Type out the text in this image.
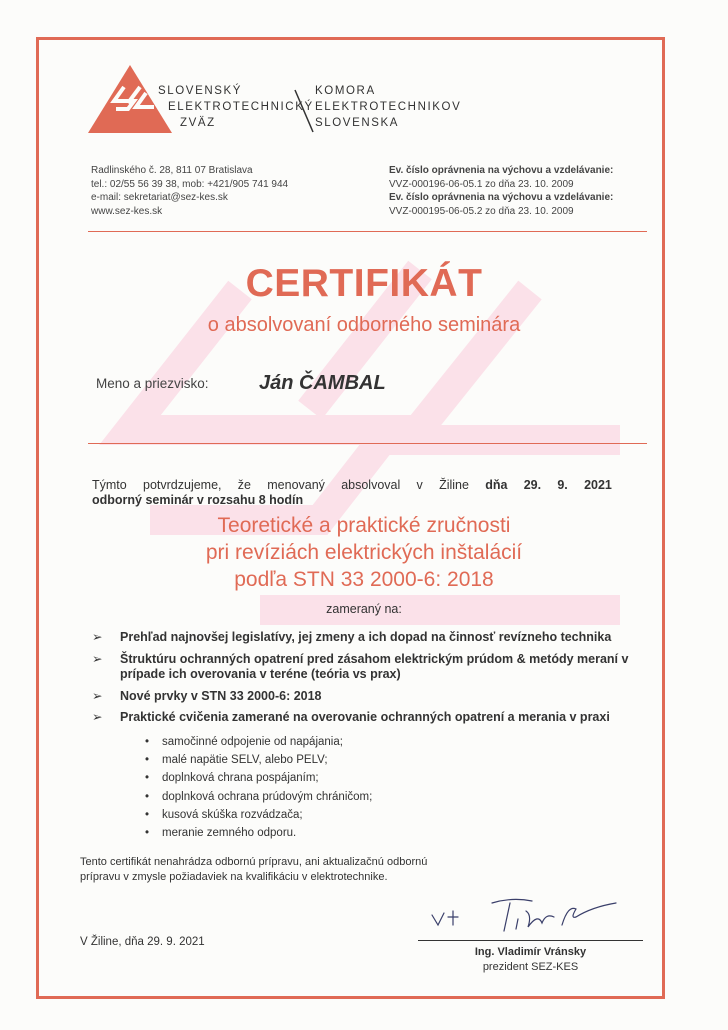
SLOVENSKÝ
ELEKTROTECHNICKÝ
ZVÄZ
KOMORA
ELEKTROTECHNIKOV
SLOVENSKA
Radlinského č. 28, 811 07 Bratislava
tel.: 02/55 56 39 38, mob: +421/905 741 944
e-mail: sekretariat@sez-kes.sk
www.sez-kes.sk
Ev. číslo oprávnenia na výchovu a vzdelávanie:
VVZ-000196-06-05.1 zo dňa 23. 10. 2009
Ev. číslo oprávnenia na výchovu a vzdelávanie:
VVZ-000195-06-05.2 zo dňa 23. 10. 2009
CERTIFIKÁT
o absolvovaní odborného seminára
Meno a priezvisko:	Ján ČAMBAL
Týmto potvrdzujeme, že menovaný absolvoval v Žiline dňa 29. 9. 2021
odborný seminár v rozsahu 8 hodín
Teoretické a praktické zručnosti
pri revíziách elektrických inštalácií
podľa STN 33 2000-6: 2018
zameraný na:
➢	Prehľad najnovšej legislatívy, jej zmeny a ich dopad na činnosť revízneho technika
➢	Štruktúru ochranných opatrení pred zásahom elektrickým prúdom & metódy meraní v prípade ich overovania v teréne (teória vs prax)
➢	Nové prvky v STN 33 2000-6: 2018
➢	Praktické cvičenia zamerané na overovanie ochranných opatrení a merania v praxi
•	samočinné odpojenie od napájania;
•	malé napätie SELV, alebo PELV;
•	doplnková chrana pospájaním;
•	doplnková ochrana prúdovým chráničom;
•	kusová skúška rozvádzača;
•	meranie zemného odporu.
Tento certifikát nenahrádza odbornú prípravu, ani aktualizačnú odbornú
prípravu v zmysle požiadaviek na kvalifikáciu v elektrotechnike.
V Žiline, dňa 29. 9. 2021
Ing. Vladimír Vránsky
prezident SEZ-KES
